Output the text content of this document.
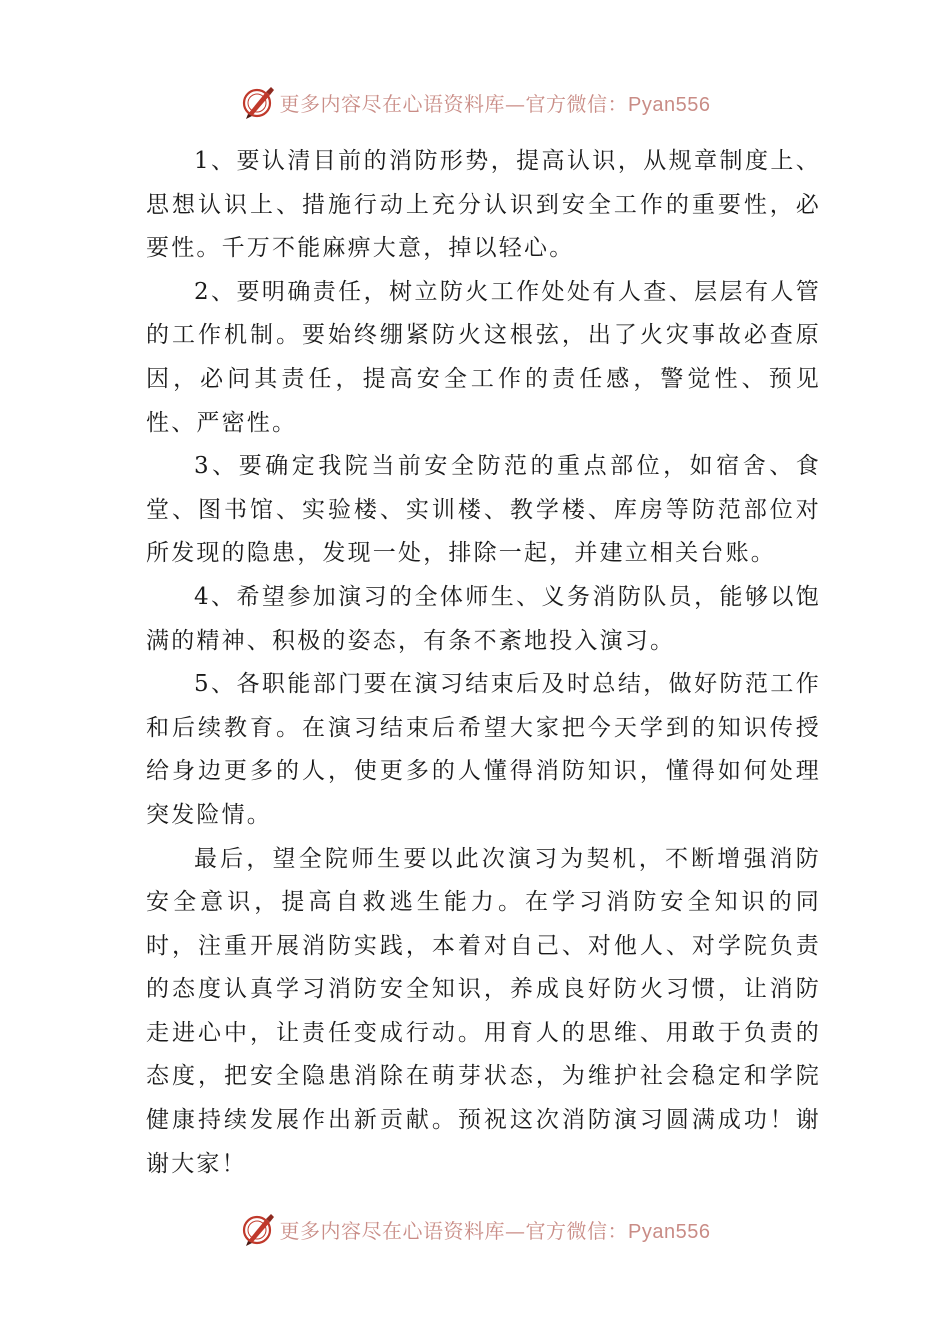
更多内容尽在心语资料库—官方微信：Pyan556

1、要认清目前的消防形势，提高认识，从规章制度上、思想认识上、措施行动上充分认识到安全工作的重要性，必要性。千万不能麻痹大意，掉以轻心。

2、要明确责任，树立防火工作处处有人查、层层有人管的工作机制。要始终绷紧防火这根弦，出了火灾事故必查原因，必问其责任，提高安全工作的责任感，警觉性、预见性、严密性。

3、要确定我院当前安全防范的重点部位，如宿舍、食堂、图书馆、实验楼、实训楼、教学楼、库房等防范部位对所发现的隐患，发现一处，排除一起，并建立相关台账。

4、希望参加演习的全体师生、义务消防队员，能够以饱满的精神、积极的姿态，有条不紊地投入演习。

5、各职能部门要在演习结束后及时总结，做好防范工作和后续教育。在演习结束后希望大家把今天学到的知识传授给身边更多的人，使更多的人懂得消防知识，懂得如何处理突发险情。

最后，望全院师生要以此次演习为契机，不断增强消防安全意识，提高自救逃生能力。在学习消防安全知识的同时，注重开展消防实践，本着对自己、对他人、对学院负责的态度认真学习消防安全知识，养成良好防火习惯，让消防走进心中，让责任变成行动。用育人的思维、用敢于负责的态度，把安全隐患消除在萌芽状态，为维护社会稳定和学院健康持续发展作出新贡献。预祝这次消防演习圆满成功！谢谢大家！

更多内容尽在心语资料库—官方微信：Pyan556
